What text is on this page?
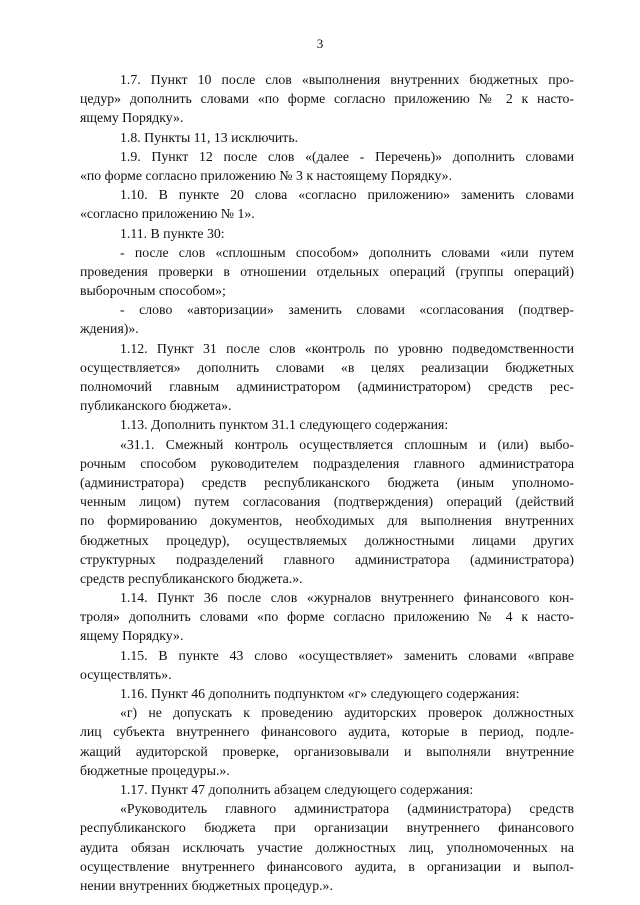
3
1.7. Пункт 10 после слов «выполнения внутренних бюджетных про-
цедур» дополнить словами «по форме согласно приложению № 2 к насто-
ящему Порядку».
1.8. Пункты 11, 13 исключить.
1.9. Пункт 12 после слов «(далее - Перечень)» дополнить словами
«по форме согласно приложению № 3 к настоящему Порядку».
1.10. В пункте 20 слова «согласно приложению» заменить словами
«согласно приложению № 1».
1.11. В пункте 30:
- после слов «сплошным способом» дополнить словами «или путем
проведения проверки в отношении отдельных операций (группы операций)
выборочным способом»;
- слово «авторизации» заменить словами «согласования (подтвер-
ждения)».
1.12. Пункт 31 после слов «контроль по уровню подведомственности
осуществляется» дополнить словами «в целях реализации бюджетных
полномочий главным администратором (администратором) средств рес-
публиканского бюджета».
1.13. Дополнить пунктом 31.1 следующего содержания:
«31.1. Смежный контроль осуществляется сплошным и (или) выбо-
рочным способом руководителем подразделения главного администратора
(администратора) средств республиканского бюджета (иным уполномо-
ченным лицом) путем согласования (подтверждения) операций (действий
по формированию документов, необходимых для выполнения внутренних
бюджетных процедур), осуществляемых должностными лицами других
структурных подразделений главного администратора (администратора)
средств республиканского бюджета.».
1.14. Пункт 36 после слов «журналов внутреннего финансового кон-
троля» дополнить словами «по форме согласно приложению № 4 к насто-
ящему Порядку».
1.15. В пункте 43 слово «осуществляет» заменить словами «вправе
осуществлять».
1.16. Пункт 46 дополнить подпунктом «г» следующего содержания:
«г) не допускать к проведению аудиторских проверок должностных
лиц субъекта внутреннего финансового аудита, которые в период, подле-
жащий аудиторской проверке, организовывали и выполняли внутренние
бюджетные процедуры.».
1.17. Пункт 47 дополнить абзацем следующего содержания:
«Руководитель главного администратора (администратора) средств
республиканского бюджета при организации внутреннего финансового
аудита обязан исключать участие должностных лиц, уполномоченных на
осуществление внутреннего финансового аудита, в организации и выпол-
нении внутренних бюджетных процедур.».
